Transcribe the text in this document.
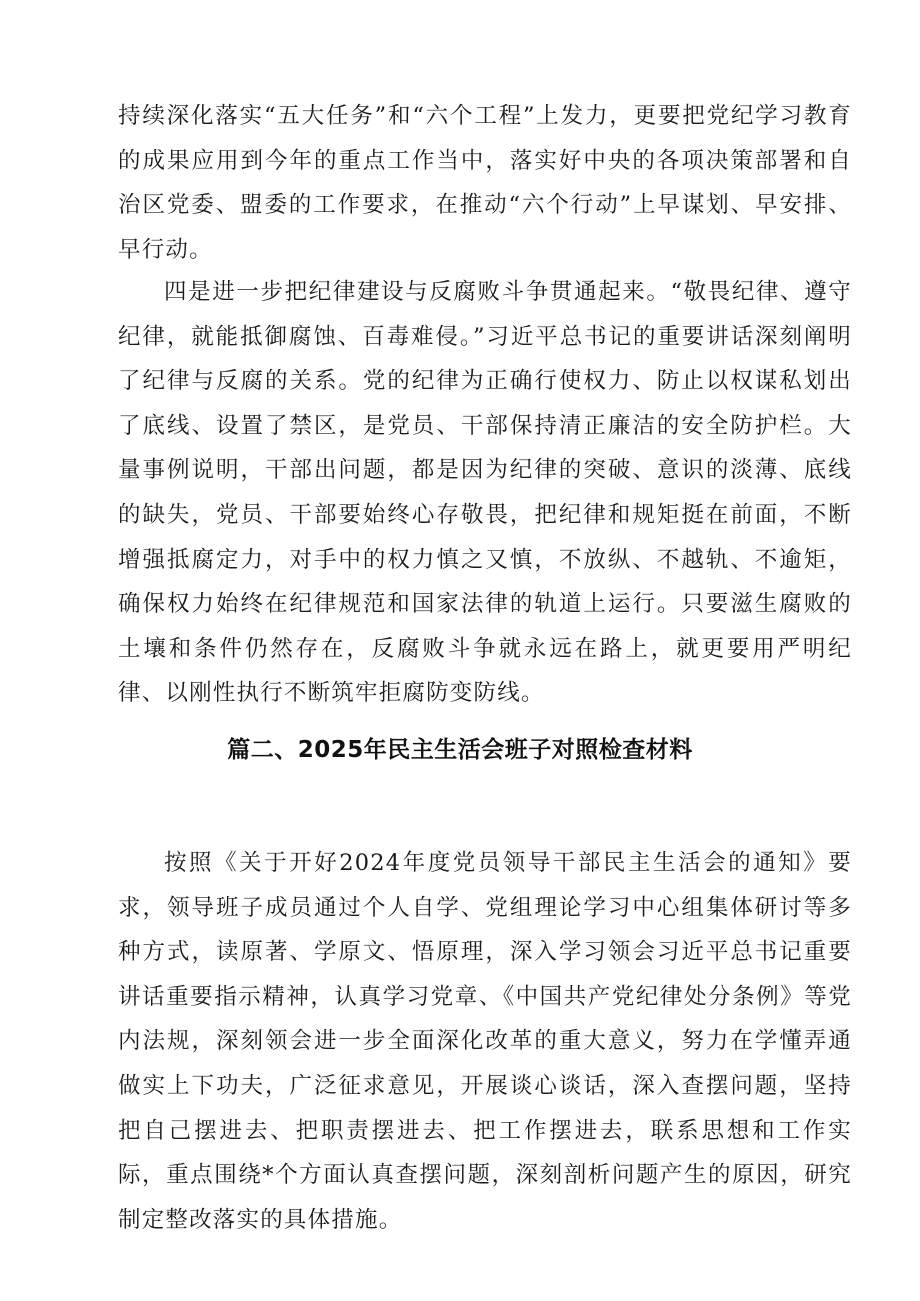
持续深化落实“五大任务”和“六个工程”上发力，更要把党纪学习教育的成果应用到今年的重点工作当中，落实好中央的各项决策部署和自治区党委、盟委的工作要求，在推动“六个行动”上早谋划、早安排、早行动。

四是进一步把纪律建设与反腐败斗争贯通起来。“敬畏纪律、遵守纪律，就能抵御腐蚀、百毒难侵。”习近平总书记的重要讲话深刻阐明了纪律与反腐的关系。党的纪律为正确行使权力、防止以权谋私划出了底线、设置了禁区，是党员、干部保持清正廉洁的安全防护栏。大量事例说明，干部出问题，都是因为纪律的突破、意识的淡薄、底线的缺失，党员、干部要始终心存敬畏，把纪律和规矩挺在前面，不断增强抵腐定力，对手中的权力慎之又慎，不放纵、不越轨、不逾矩，确保权力始终在纪律规范和国家法律的轨道上运行。只要滋生腐败的土壤和条件仍然存在，反腐败斗争就永远在路上，就更要用严明纪律、以刚性执行不断筑牢拒腐防变防线。

篇二、2025年民主生活会班子对照检查材料

按照《关于开好2024年度党员领导干部民主生活会的通知》要求，领导班子成员通过个人自学、党组理论学习中心组集体研讨等多种方式，读原著、学原文、悟原理，深入学习领会习近平总书记重要讲话重要指示精神，认真学习党章、《中国共产党纪律处分条例》等党内法规，深刻领会进一步全面深化改革的重大意义，努力在学懂弄通做实上下功夫，广泛征求意见，开展谈心谈话，深入查摆问题，坚持把自己摆进去、把职责摆进去、把工作摆进去，联系思想和工作实际，重点围绕*个方面认真查摆问题，深刻剖析问题产生的原因，研究制定整改落实的具体措施。
